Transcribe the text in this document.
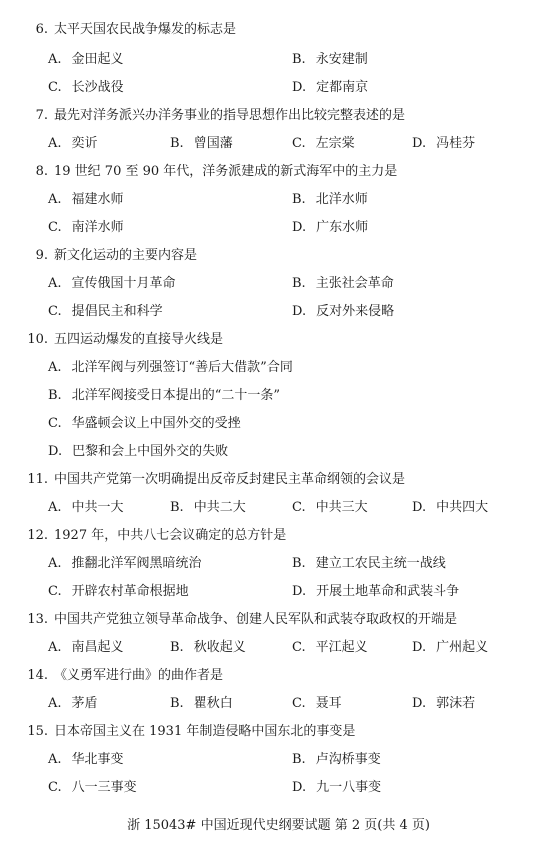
6. 太平天国农民战争爆发的标志是
A. 金田起义	B. 永安建制
C. 长沙战役	D. 定都南京
7. 最先对洋务派兴办洋务事业的指导思想作出比较完整表述的是
A. 奕䜣	B. 曾国藩	C. 左宗棠	D. 冯桂芬
8. 19 世纪 70 至 90 年代，洋务派建成的新式海军中的主力是
A. 福建水师	B. 北洋水师
C. 南洋水师	D. 广东水师
9. 新文化运动的主要内容是
A. 宣传俄国十月革命	B. 主张社会革命
C. 提倡民主和科学	D. 反对外来侵略
10. 五四运动爆发的直接导火线是
A. 北洋军阀与列强签订“善后大借款”合同
B. 北洋军阀接受日本提出的“二十一条”
C. 华盛顿会议上中国外交的受挫
D. 巴黎和会上中国外交的失败
11. 中国共产党第一次明确提出反帝反封建民主革命纲领的会议是
A. 中共一大	B. 中共二大	C. 中共三大	D. 中共四大
12. 1927 年，中共八七会议确定的总方针是
A. 推翻北洋军阀黑暗统治	B. 建立工农民主统一战线
C. 开辟农村革命根据地	D. 开展土地革命和武装斗争
13. 中国共产党独立领导革命战争、创建人民军队和武装夺取政权的开端是
A. 南昌起义	B. 秋收起义	C. 平江起义	D. 广州起义
14. 《义勇军进行曲》的曲作者是
A. 茅盾	B. 瞿秋白	C. 聂耳	D. 郭沫若
15. 日本帝国主义在 1931 年制造侵略中国东北的事变是
A. 华北事变	B. 卢沟桥事变
C. 八一三事变	D. 九一八事变
浙 15043# 中国近现代史纲要试题 第 2 页(共 4 页)
